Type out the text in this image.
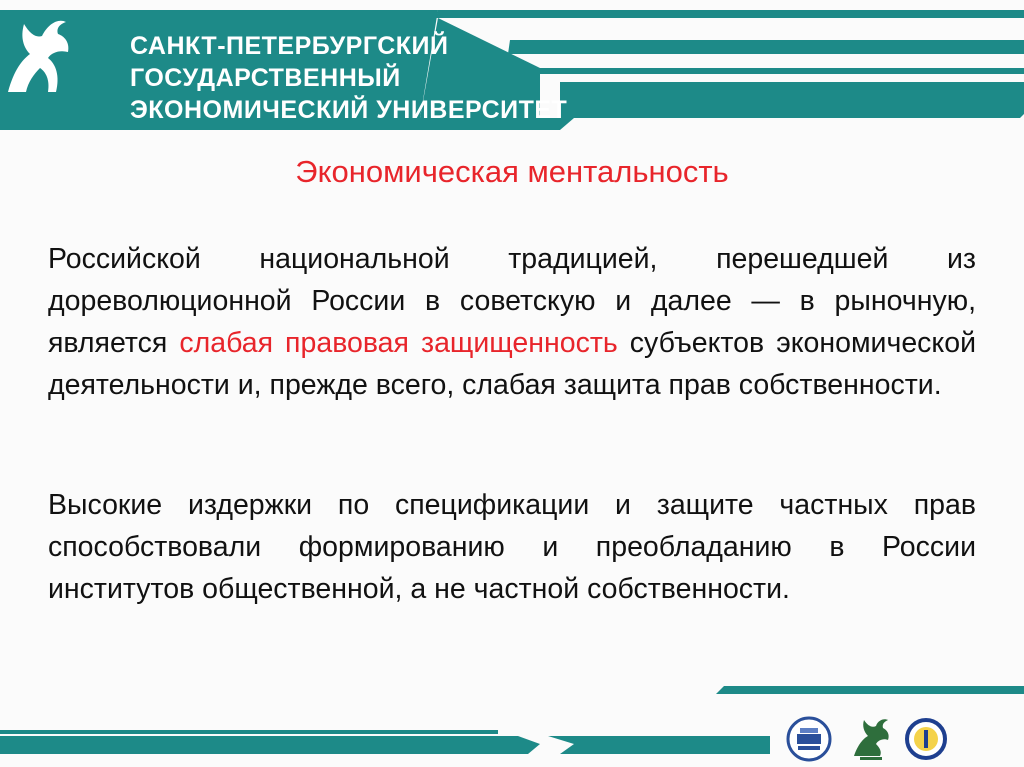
САНКТ-ПЕТЕРБУРГСКИЙ
ГОСУДАРСТВЕННЫЙ
ЭКОНОМИЧЕСКИЙ УНИВЕРСИТЕТ
Экономическая ментальность
Российской национальной традицией, перешедшей из дореволюционной России в советскую и далее — в рыночную, является слабая правовая защищенность субъектов экономической деятельности и, прежде всего, слабая защита прав собственности.
Высокие издержки по спецификации и защите частных прав способствовали формированию и преобладанию в России институтов общественной, а не частной собственности.
